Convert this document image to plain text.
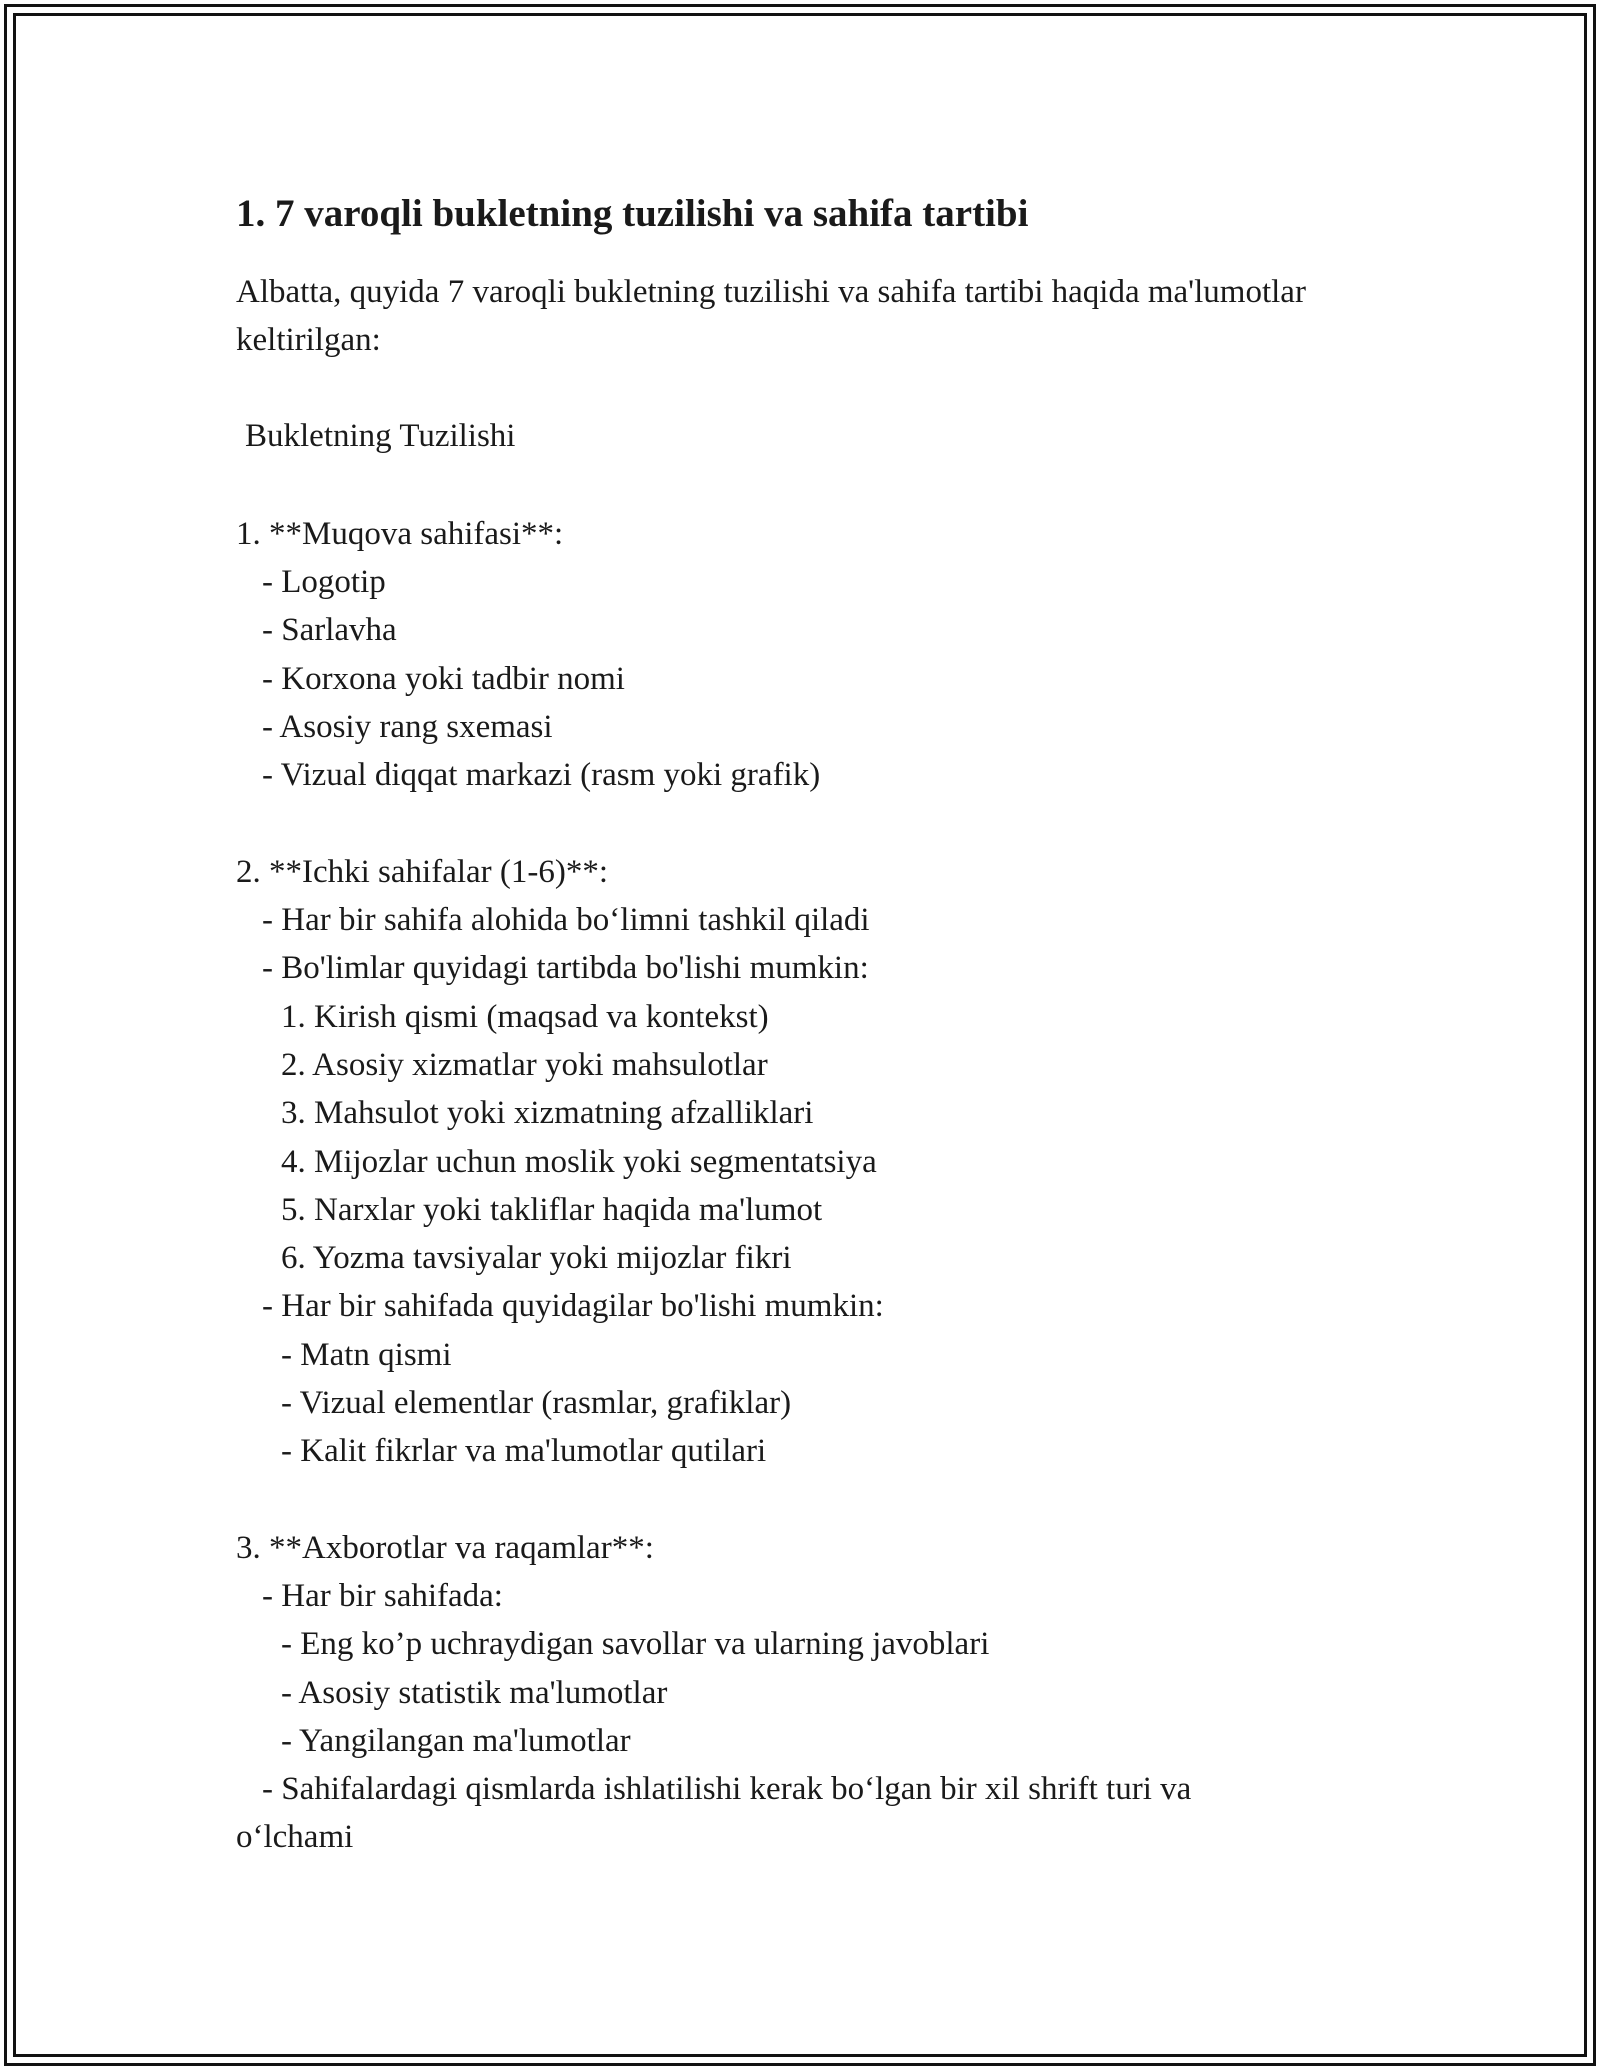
1. 7 varoqli bukletning tuzilishi va sahifa tartibi

Albatta, quyida 7 varoqli bukletning tuzilishi va sahifa tartibi haqida ma'lumotlar keltirilgan:

Bukletning Tuzilishi

1. **Muqova sahifasi**:

- Logotip

- Sarlavha

- Korxona yoki tadbir nomi

- Asosiy rang sxemasi

- Vizual diqqat markazi (rasm yoki grafik)

2. **Ichki sahifalar (1-6)**:

- Har bir sahifa alohida bo‘limni tashkil qiladi

- Bo'limlar quyidagi tartibda bo'lishi mumkin:

1. Kirish qismi (maqsad va kontekst)

2. Asosiy xizmatlar yoki mahsulotlar

3. Mahsulot yoki xizmatning afzalliklari

4. Mijozlar uchun moslik yoki segmentatsiya

5. Narxlar yoki takliflar haqida ma'lumot

6. Yozma tavsiyalar yoki mijozlar fikri

- Har bir sahifada quyidagilar bo'lishi mumkin:

- Matn qismi

- Vizual elementlar (rasmlar, grafiklar)

- Kalit fikrlar va ma'lumotlar qutilari

3. **Axborotlar va raqamlar**:

- Har bir sahifada:

- Eng ko’p uchraydigan savollar va ularning javoblari

- Asosiy statistik ma'lumotlar

- Yangilangan ma'lumotlar

- Sahifalardagi qismlarda ishlatilishi kerak bo‘lgan bir xil shrift turi va

o‘lchami
